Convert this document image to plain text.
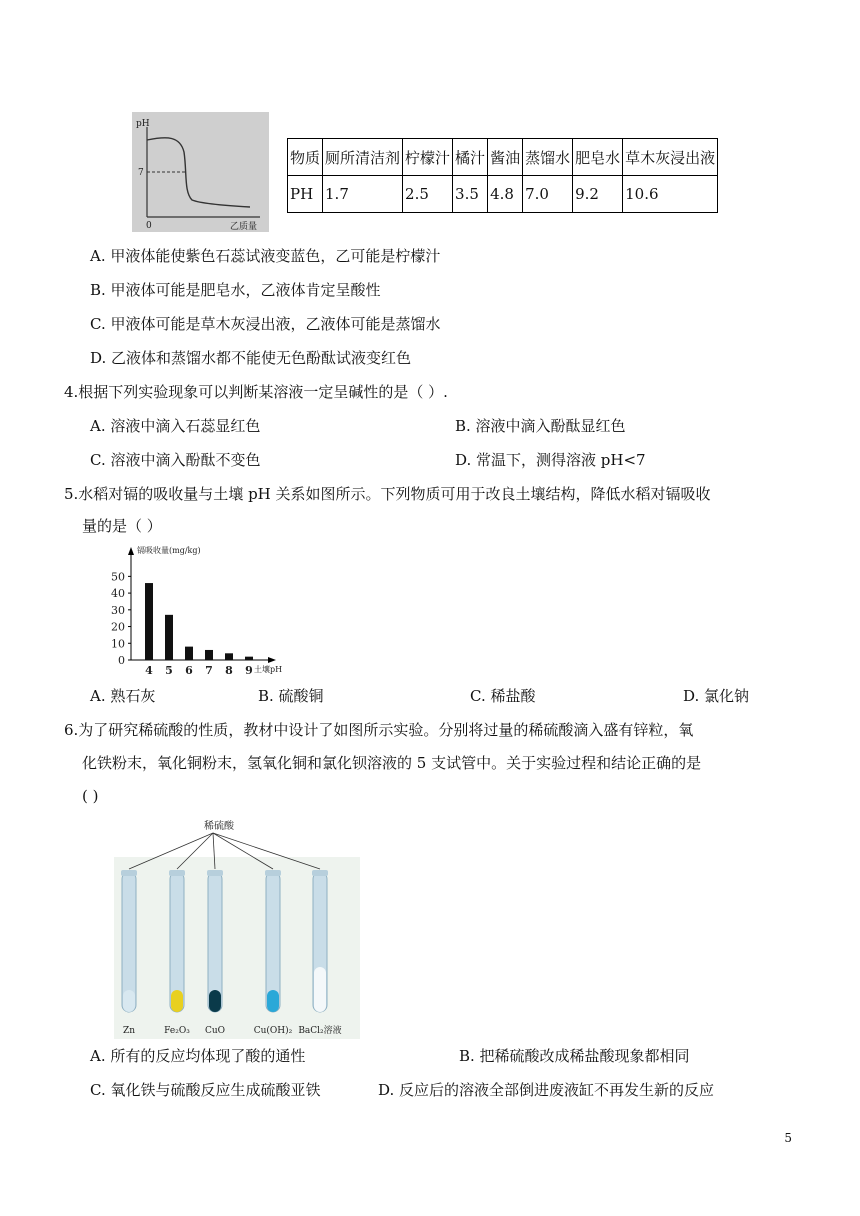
pH
7
0	乙质量
物质	厕所清洁剂	柠檬汁	橘汁	酱油	蒸馏水	肥皂水	草木灰浸出液
PH	1.7	2.5	3.5	4.8	7.0	9.2	10.6
A. 甲液体能使紫色石蕊试液变蓝色，乙可能是柠檬汁
B. 甲液体可能是肥皂水，乙液体肯定呈酸性
C. 甲液体可能是草木灰浸出液，乙液体可能是蒸馏水
D. 乙液体和蒸馏水都不能使无色酚酞试液变红色
4.根据下列实验现象可以判断某溶液一定呈碱性的是（ ）.
A. 溶液中滴入石蕊显红色	B. 溶液中滴入酚酞显红色
C. 溶液中滴入酚酞不变色	D. 常温下，测得溶液 pH<7
5.水稻对镉的吸收量与土壤 pH 关系如图所示。下列物质可用于改良土壤结构，降低水稻对镉吸收
量的是（ ）
镉吸收量(mg/kg)
土壤pH
0
10
20
30
40
50
4 5 6 7 8 9
A. 熟石灰	B. 硫酸铜	C. 稀盐酸	D. 氯化钠
6.为了研究稀硫酸的性质，教材中设计了如图所示实验。分别将过量的稀硫酸滴入盛有锌粒，氧
化铁粉末，氧化铜粉末，氢氧化铜和氯化钡溶液的 5 支试管中。关于实验过程和结论正确的是
( )
稀硫酸
Zn	Fe₂O₃ CuO	Cu(OH)₂ BaCl₂溶液
A. 所有的反应均体现了酸的通性	B. 把稀硫酸改成稀盐酸现象都相同
C. 氧化铁与硫酸反应生成硫酸亚铁	D. 反应后的溶液全部倒进废液缸不再发生新的反应
5
